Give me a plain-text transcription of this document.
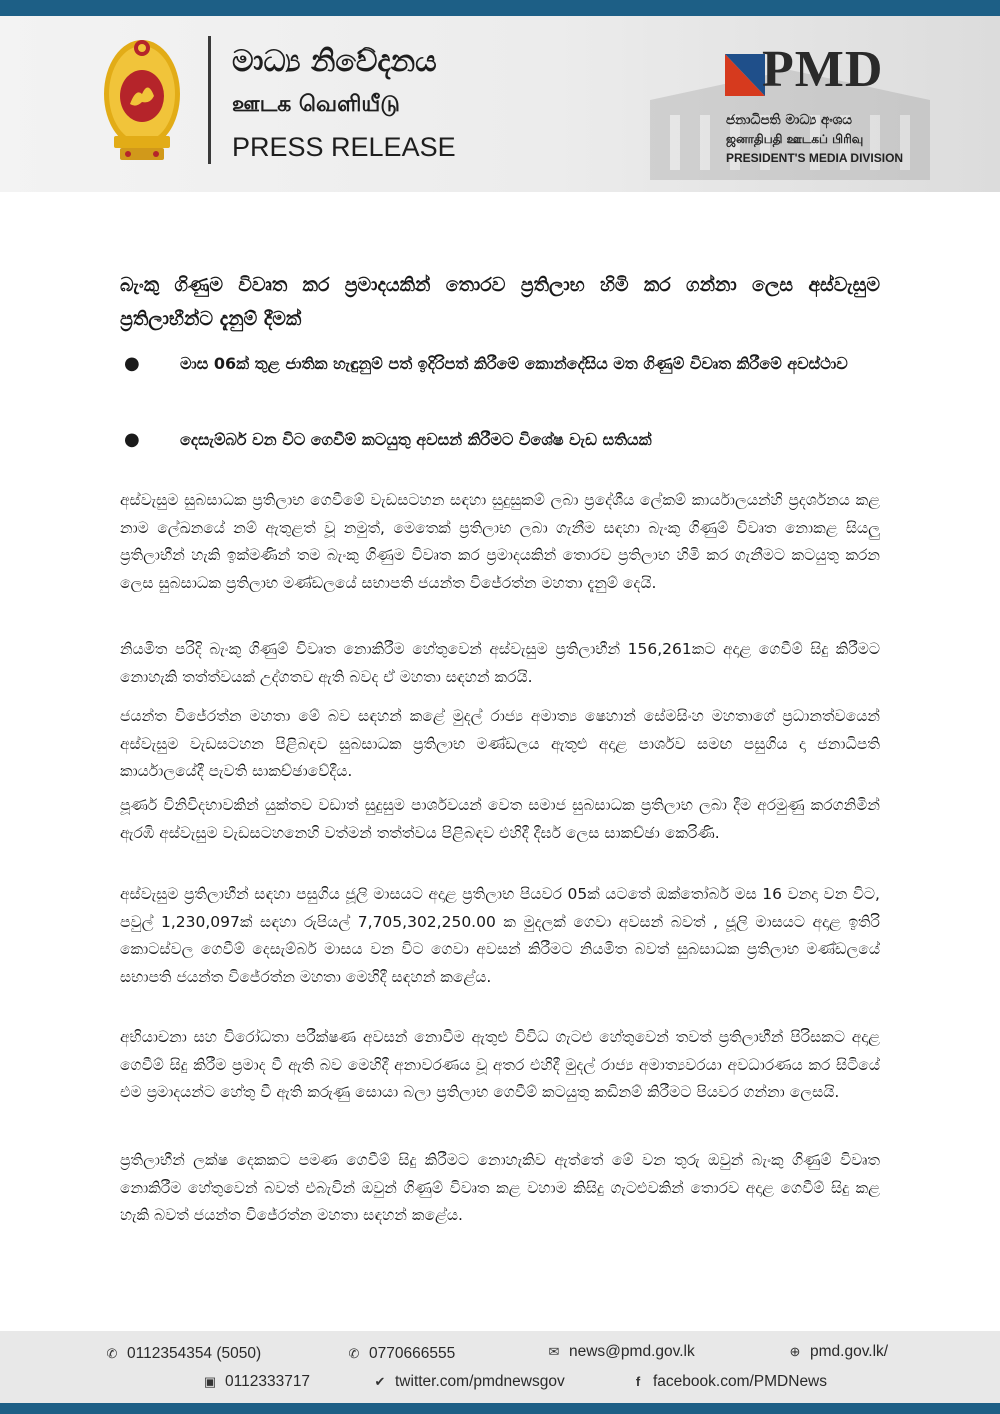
මාධ්‍ය නිවේදනය
ஊடக வெளியீடு
PRESS RELEASE
PMD
ජනාධිපති මාධ්‍ය අංශය
ஜனாதிபதி ஊடகப் பிரிவு
PRESIDENT'S MEDIA DIVISION
බැංකු ගිණුම විවෘත කර ප්‍රමාදයකින් තොරව ප්‍රතිලාභ හිමි කර ගන්නා ලෙස අස්වැසුම ප්‍රතිලාභීන්ට දැනුම් දීමක්
●	මාස 06ක් තුළ ජාතික හැඳුනුම් පත් ඉදිරිපත් කිරීමේ කොන්දේසිය මත ගිණුම් විවෘත කිරීමේ අවස්ථාව
●	දෙසැම්බර් වන විට ගෙවීම් කටයුතු අවසන් කිරීමට විශේෂ වැඩ සතියක්
අස්වැසුම සුබසාධක ප්‍රතිලාභ ගෙවීමේ වැඩසටහන සඳහා සුදුසුකම් ලබා ප්‍රදේශීය ලේකම් කාර්යාලයන්හි ප්‍රදර්ශනය කළ නාම ලේඛනයේ නම් ඇතුළත් වූ නමුත්, මෙතෙක් ප්‍රතිලාභ ලබා ගැනීම සඳහා බැංකු ගිණුම් විවෘත නොකළ සියලු ප්‍රතිලාභීන් හැකි ඉක්මණින් තම බැංකු ගිණුම විවෘත කර ප්‍රමාදයකින් තොරව ප්‍රතිලාභ හිමි කර ගැනීමට කටයුතු කරන ලෙස සුබසාධක ප්‍රතිලාභ මණ්ඩලයේ සභාපති ජයන්ත විජේරත්න මහතා දැනුම් දෙයි.
නියමිත පරිදි බැංකු ගිණුම් විවෘත නොකිරීම හේතුවෙන් අස්වැසුම ප්‍රතිලාභීන් 156,261කට අදාළ ගෙවීම් සිදු කිරීමට නොහැකි තත්ත්වයක් උද්ගතව ඇති බවද ඒ මහතා සඳහන් කරයි.
ජයන්ත විජේරත්න මහතා මේ බව සඳහන් කළේ මුදල් රාජ්‍ය අමාත්‍ය ෂෙහාන් සේමසිංහ මහතාගේ ප්‍රධානත්වයෙන් අස්වැසුම වැඩසටහන පිළිබඳව සුබසාධක ප්‍රතිලාභ මණ්ඩලය ඇතුළු අදාළ පාර්ශව සමඟ පසුගිය දා ජනාධිපති කාර්යාලයේදී පැවති සාකච්ඡාවේදීය.
පූර්ණ විනිවිදභාවකින් යුක්තව වඩාත් සුදුසුම පාර්ශවයන් වෙත සමාජ සුබසාධක ප්‍රතිලාභ ලබා දීම අරමුණු කරගනිමින් ඇරඹි අස්වැසුම වැඩසටහනෙහි වත්මන් තත්ත්වය පිළිබඳව එහිදී දීර්ඝ ලෙස සාකච්ඡා කෙරිණි.
අස්වැසුම ප්‍රතිලාභීන් සඳහා පසුගිය ජූලි මාසයට අදාළ ප්‍රතිලාභ පියවර 05ක් යටතේ ඔක්තෝබර් මස 16 වනදා වන විට, පවුල් 1,230,097ක් සඳහා රුපියල් 7,705,302,250.00 ක මුදලක් ගෙවා අවසන් බවත් , ජූලි මාසයට අදාළ ඉතිරි කොටස්වල ගෙවීම් දෙසැම්බර් මාසය වන විට ගෙවා අවසන් කිරීමට නියමිත බවත් සුබසාධක ප්‍රතිලාභ මණ්ඩලයේ සභාපති ජයන්ත විජේරත්න මහතා මෙහිදී සඳහන් කළේය.
අභියාචනා සහ විරෝධතා පරීක්ෂණ අවසන් නොවීම ඇතුළු විවිධ ගැටළු හේතුවෙන් තවත් ප්‍රතිලාභීන් පිරිසකට අදාළ ගෙවීම් සිදු කිරීම ප්‍රමාද වී ඇති බව මෙහිදී අනාවරණය වූ අතර එහිදී මුදල් රාජ්‍ය අමාත්‍යවරයා අවධාරණය කර සිටියේ එම ප්‍රමාදයන්ට හේතු වී ඇති කරුණු සොයා බලා ප්‍රතිලාභ ගෙවීම් කටයුතු කඩිනම් කිරීමට පියවර ගන්නා ලෙසයි.
ප්‍රතිලාභීන් ලක්ෂ දෙකකට පමණ ගෙවීම් සිදු කිරීමට නොහැකිව ඇත්තේ මේ වන තුරු ඔවුන් බැංකු ගිණුම් විවෘත නොකිරීම හේතුවෙන් බවත් එබැවින් ඔවුන් ගිණුම් විවෘත කළ වහාම කිසිදු ගැටළුවකින් තොරව අදාළ ගෙවීම් සිදු කළ හැකි බවත් ජයන්ත විජේරත්න මහතා සඳහන් කළේය.
✆ 0112354354 (5050)	✆ 0770666555	✉ news@pmd.gov.lk	⊕ pmd.gov.lk/
▣ 0112333717	✔ twitter.com/pmdnewsgov	f facebook.com/PMDNews
